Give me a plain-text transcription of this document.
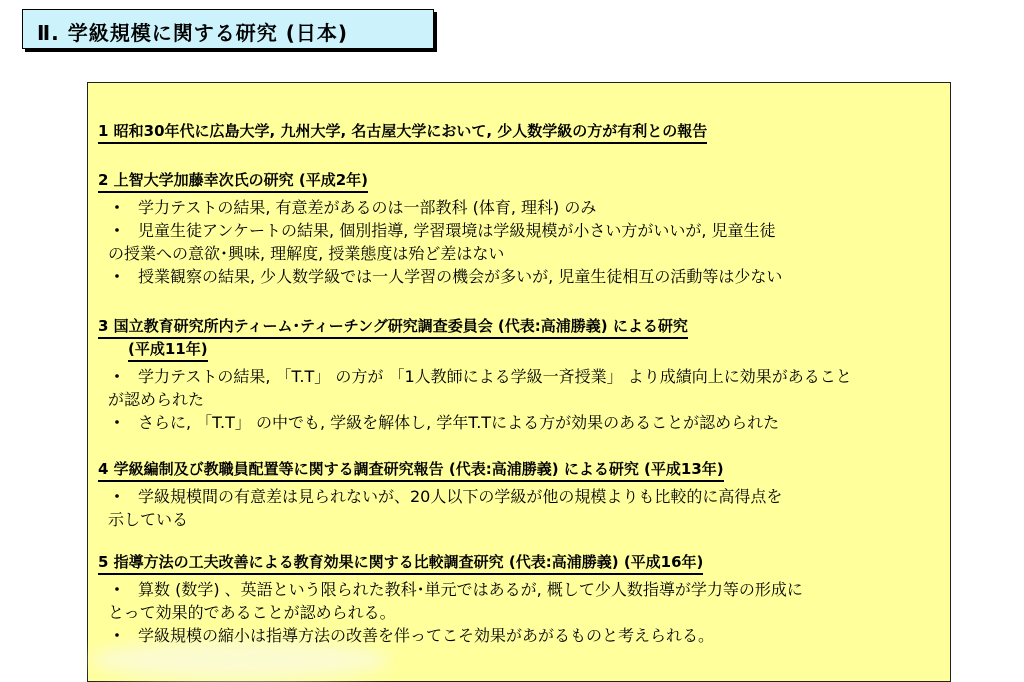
Ⅱ. 学級規模に関する研究 (日本)
1 昭和30年代に広島大学, 九州大学, 名古屋大学において, 少人数学級の方が有利との報告
2 上智大学加藤幸次氏の研究 (平成2年)
･ 学力テストの結果, 有意差があるのは一部教科 (体育, 理科) のみ
･ 児童生徒アンケートの結果, 個別指導, 学習環境は学級規模が小さい方がいいが, 児童生徒
の授業への意欲･興味, 理解度, 授業態度は殆ど差はない
･ 授業観察の結果, 少人数学級では一人学習の機会が多いが, 児童生徒相互の活動等は少ない
3 国立教育研究所内ティーム･ティーチング研究調査委員会 (代表:高浦勝義) による研究
(平成11年)
･ 学力テストの結果, 「T.T」 の方が 「1人教師による学級一斉授業」 より成績向上に効果があること
が認められた
･ さらに, 「T.T」 の中でも, 学級を解体し, 学年T.Tによる方が効果のあることが認められた
4 学級編制及び教職員配置等に関する調査研究報告 (代表:高浦勝義) による研究 (平成13年)
･ 学級規模間の有意差は見られないが、20人以下の学級が他の規模よりも比較的に高得点を
示している
5 指導方法の工夫改善による教育効果に関する比較調査研究 (代表:高浦勝義) (平成16年)
･ 算数 (数学) 、英語という限られた教科･単元ではあるが, 概して少人数指導が学力等の形成に
とって効果的であることが認められる。
･ 学級規模の縮小は指導方法の改善を伴ってこそ効果があがるものと考えられる。
